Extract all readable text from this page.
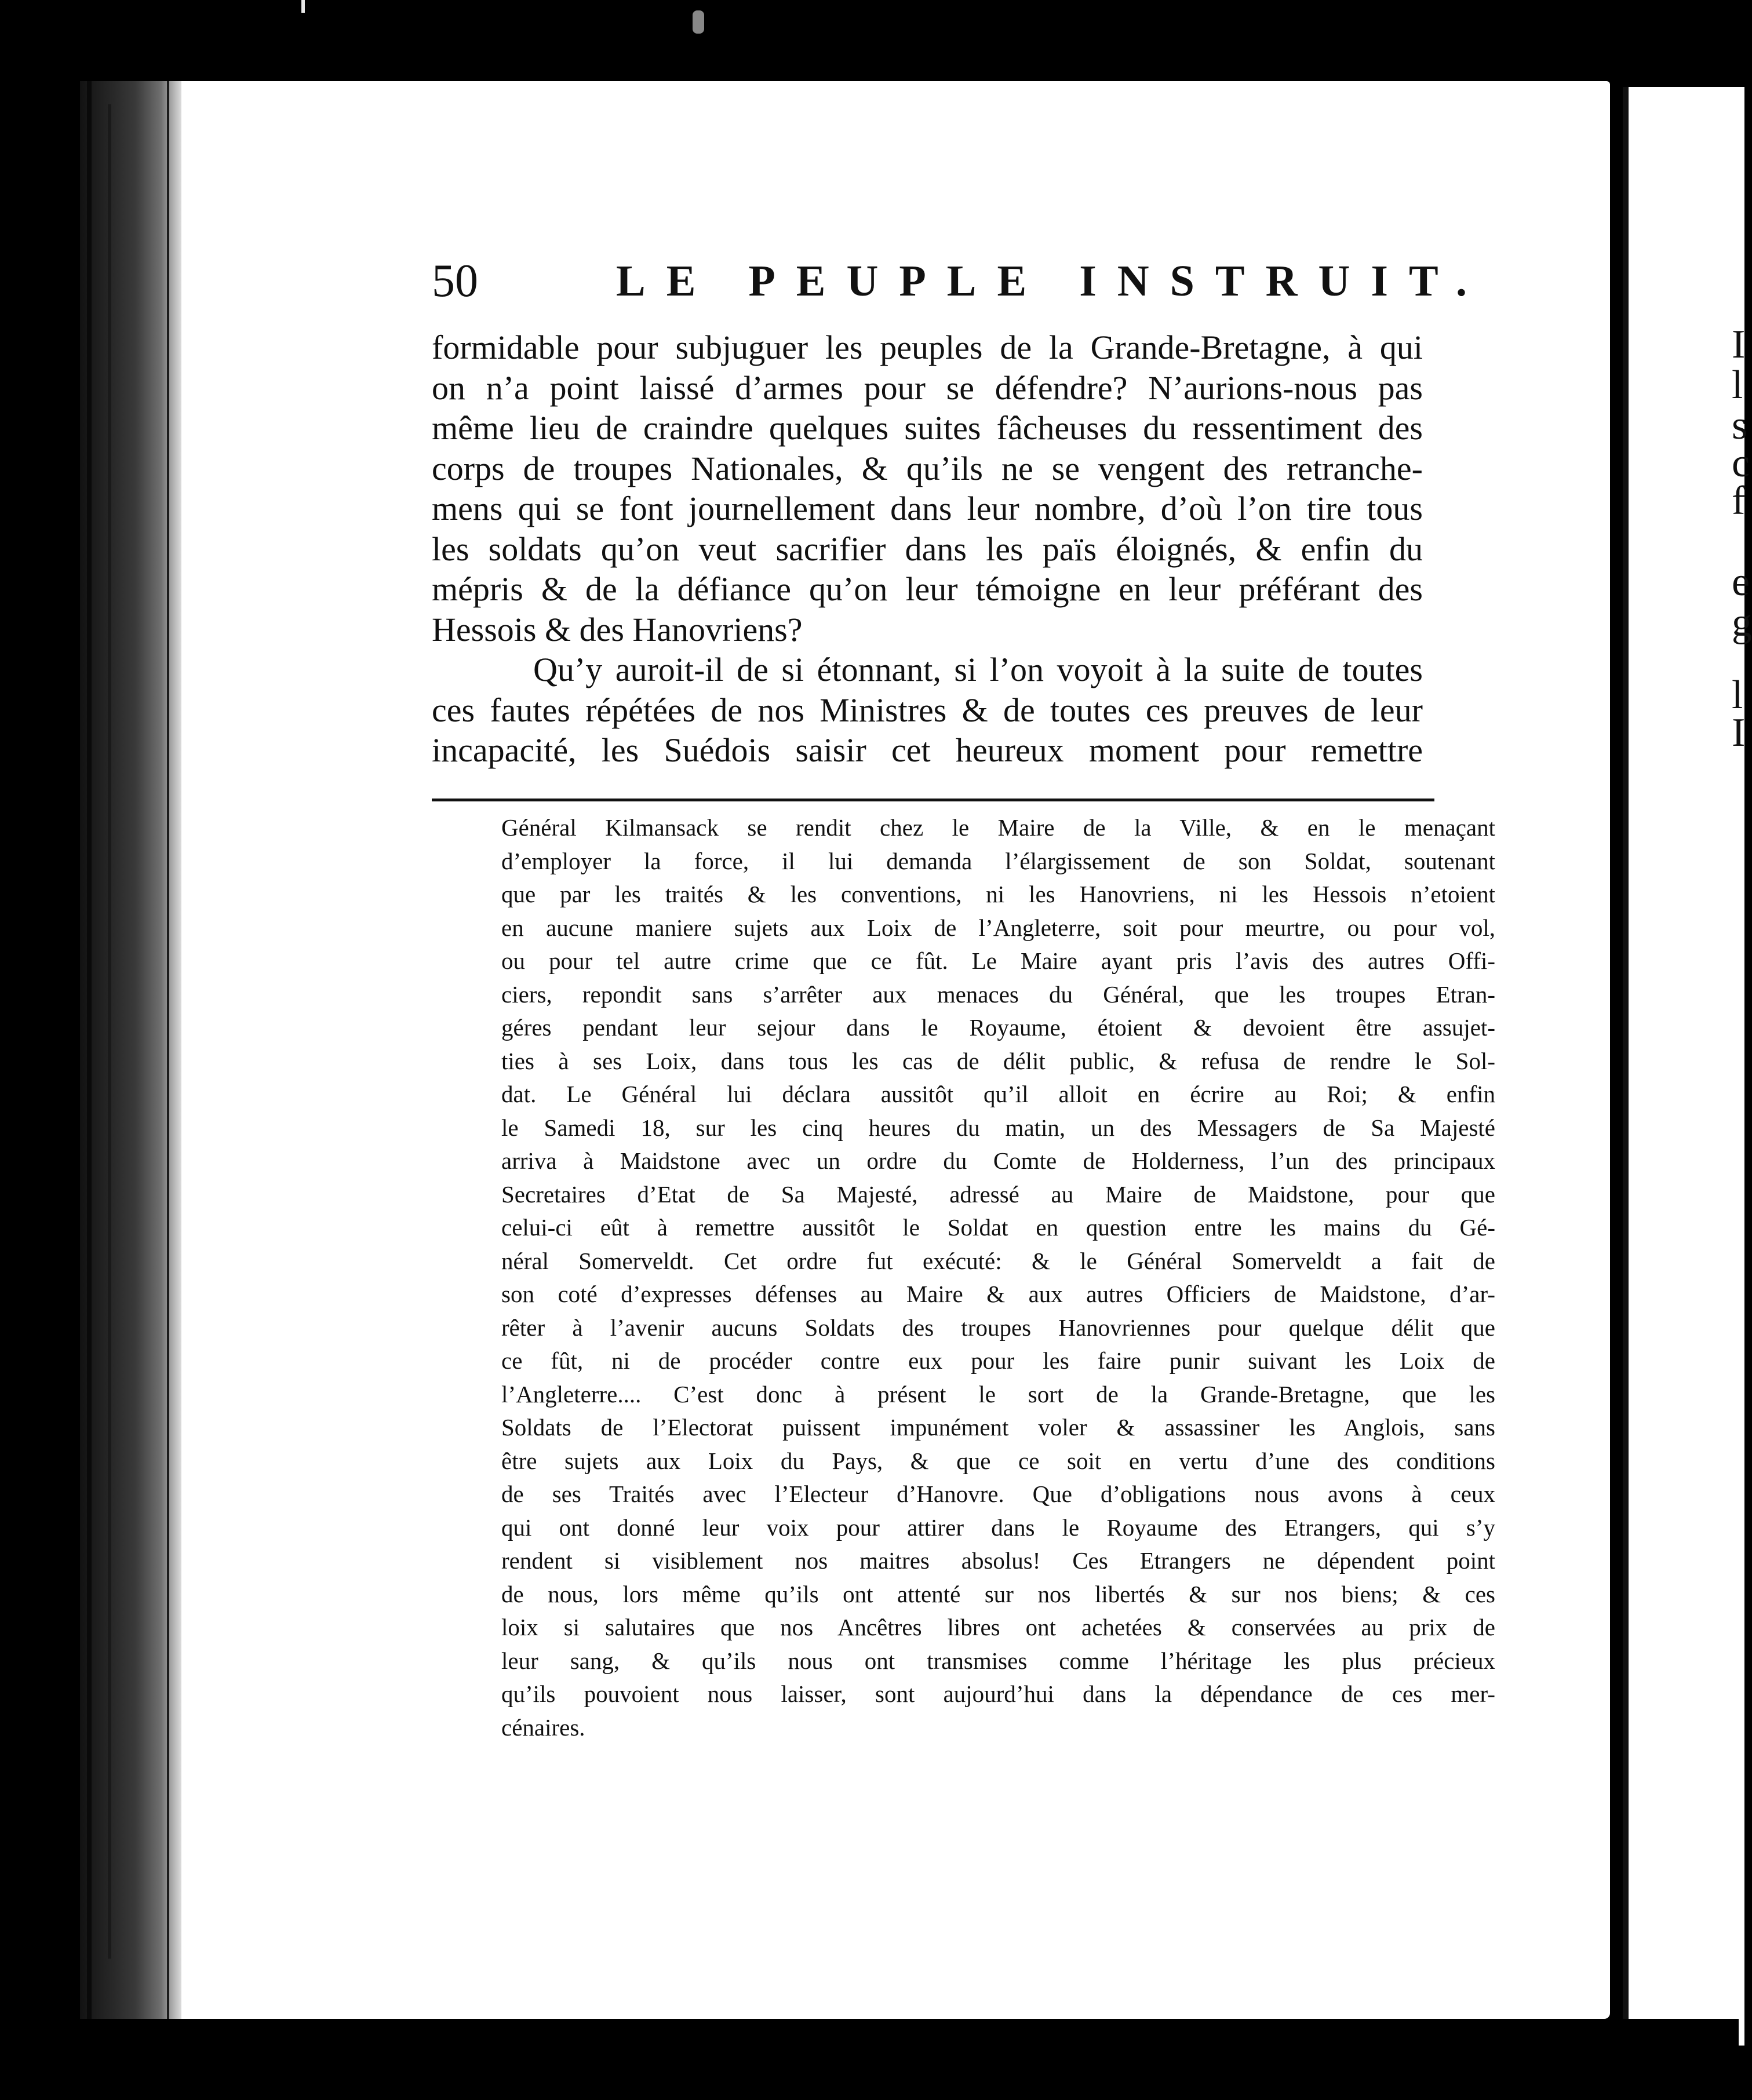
I
l
s
c
f
e
g
l
I
50	LE PEUPLE INSTRUIT.
formidable pour subjuguer les peuples de la Grande-Bretagne, à qui
on n’a point laissé d’armes pour se défendre? N’aurions-nous pas
même lieu de craindre quelques suites fâcheuses du ressentiment des
corps de troupes Nationales, & qu’ils ne se vengent des retranche-
mens qui se font journellement dans leur nombre, d’où l’on tire tous
les soldats qu’on veut sacrifier dans les païs éloignés, & enfin du
mépris & de la défiance qu’on leur témoigne en leur préférant des
Hessois & des Hanovriens?
Qu’y auroit-il de si étonnant, si l’on voyoit à la suite de toutes
ces fautes répétées de nos Ministres & de toutes ces preuves de leur
incapacité, les Suédois saisir cet heureux moment pour remettre
Général Kilmansack se rendit chez le Maire de la Ville, & en le menaçant
d’employer la force, il lui demanda l’élargissement de son Soldat, soutenant
que par les traités & les conventions, ni les Hanovriens, ni les Hessois n’etoient
en aucune maniere sujets aux Loix de l’Angleterre, soit pour meurtre, ou pour vol,
ou pour tel autre crime que ce fût. Le Maire ayant pris l’avis des autres Offi-
ciers, repondit sans s’arrêter aux menaces du Général, que les troupes Etran-
géres pendant leur sejour dans le Royaume, étoient & devoient être assujet-
ties à ses Loix, dans tous les cas de délit public, & refusa de rendre le Sol-
dat. Le Général lui déclara aussitôt qu’il alloit en écrire au Roi; & enfin
le Samedi 18, sur les cinq heures du matin, un des Messagers de Sa Majesté
arriva à Maidstone avec un ordre du Comte de Holderness, l’un des principaux
Secretaires d’Etat de Sa Majesté, adressé au Maire de Maidstone, pour que
celui-ci eût à remettre aussitôt le Soldat en question entre les mains du Gé-
néral Somerveldt. Cet ordre fut exécuté: & le Général Somerveldt a fait de
son coté d’expresses défenses au Maire & aux autres Officiers de Maidstone, d’ar-
rêter à l’avenir aucuns Soldats des troupes Hanovriennes pour quelque délit que
ce fût, ni de procéder contre eux pour les faire punir suivant les Loix de
l’Angleterre.... C’est donc à présent le sort de la Grande-Bretagne, que les
Soldats de l’Electorat puissent impunément voler & assassiner les Anglois, sans
être sujets aux Loix du Pays, & que ce soit en vertu d’une des conditions
de ses Traités avec l’Electeur d’Hanovre. Que d’obligations nous avons à ceux
qui ont donné leur voix pour attirer dans le Royaume des Etrangers, qui s’y
rendent si visiblement nos maitres absolus! Ces Etrangers ne dépendent point
de nous, lors même qu’ils ont attenté sur nos libertés & sur nos biens; & ces
loix si salutaires que nos Ancêtres libres ont achetées & conservées au prix de
leur sang, & qu’ils nous ont transmises comme l’héritage les plus précieux
qu’ils pouvoient nous laisser, sont aujourd’hui dans la dépendance de ces mer-
cénaires.
